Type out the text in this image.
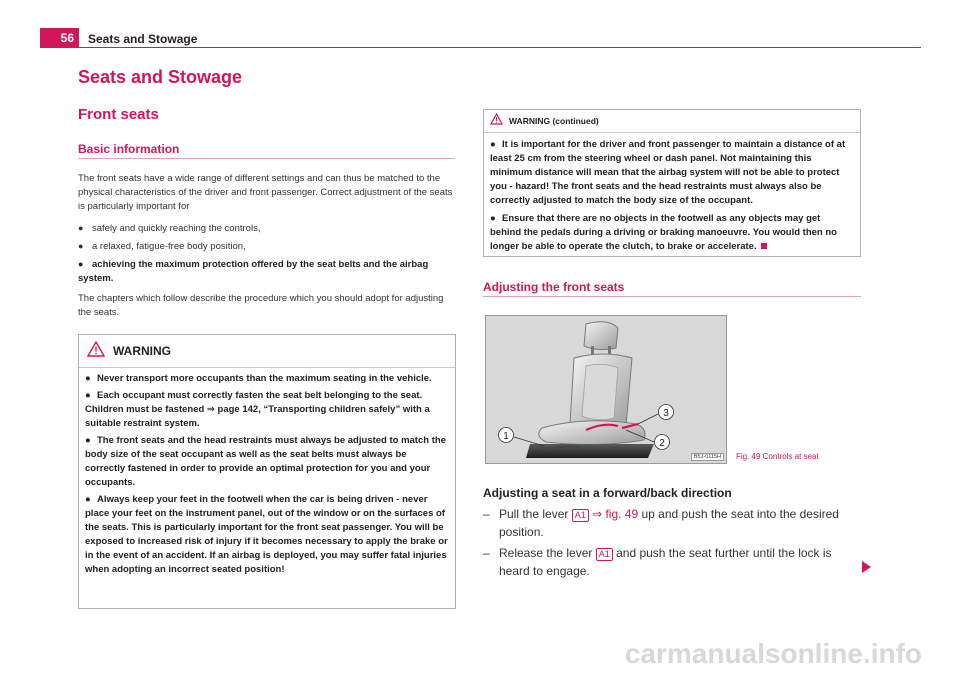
56	Seats and Stowage
Seats and Stowage
Front seats
Basic information
The front seats have a wide range of different settings and can thus be matched to the physical characteristics of the driver and front passenger. Correct adjustment of the seats is particularly important for
● safely and quickly reaching the controls,
● a relaxed, fatigue-free body position,
● achieving the maximum protection offered by the seat belts and the airbag system.
The chapters which follow describe the procedure which you should adopt for adjusting the seats.
WARNING

● Never transport more occupants than the maximum seating in the vehicle.

● Each occupant must correctly fasten the seat belt belonging to the seat. Children must be fastened ⇒ page 142, “Transporting children safely” with a suitable restraint system.

● The front seats and the head restraints must always be adjusted to match the body size of the seat occupant as well as the seat belts must always be correctly fastened in order to provide an optimal protection for you and your occupants.

● Always keep your feet in the footwell when the car is being driven - never place your feet on the instrument panel, out of the window or on the surfaces of the seats. This is particularly important for the front seat passenger. You will be exposed to increased risk of injury if it becomes necessary to apply the brake or in the event of an accident. If an airbag is deployed, you may suffer fatal injuries when adopting an incorrect seated position!

WARNING (continued)

● It is important for the driver and front passenger to maintain a distance of at least 25 cm from the steering wheel or dash panel. Not maintaining this minimum distance will mean that the airbag system will not be able to protect you - hazard! The front seats and the head restraints must always also be correctly adjusted to match the body size of the occupant.

● Ensure that there are no objects in the footwell as any objects may get behind the pedals during a driving or braking manoeuvre. You would then no longer be able to operate the clutch, to brake or accelerate.

Adjusting the front seats
1
2
3
B5J-0115H	Fig. 49 Controls at seat
Adjusting a seat in a forward/back direction
– Pull the lever A1 ⇒ fig. 49 up and push the seat into the desired position.
– Release the lever A1 and push the seat further until the lock is heard to engage.
carmanualsonline.info
